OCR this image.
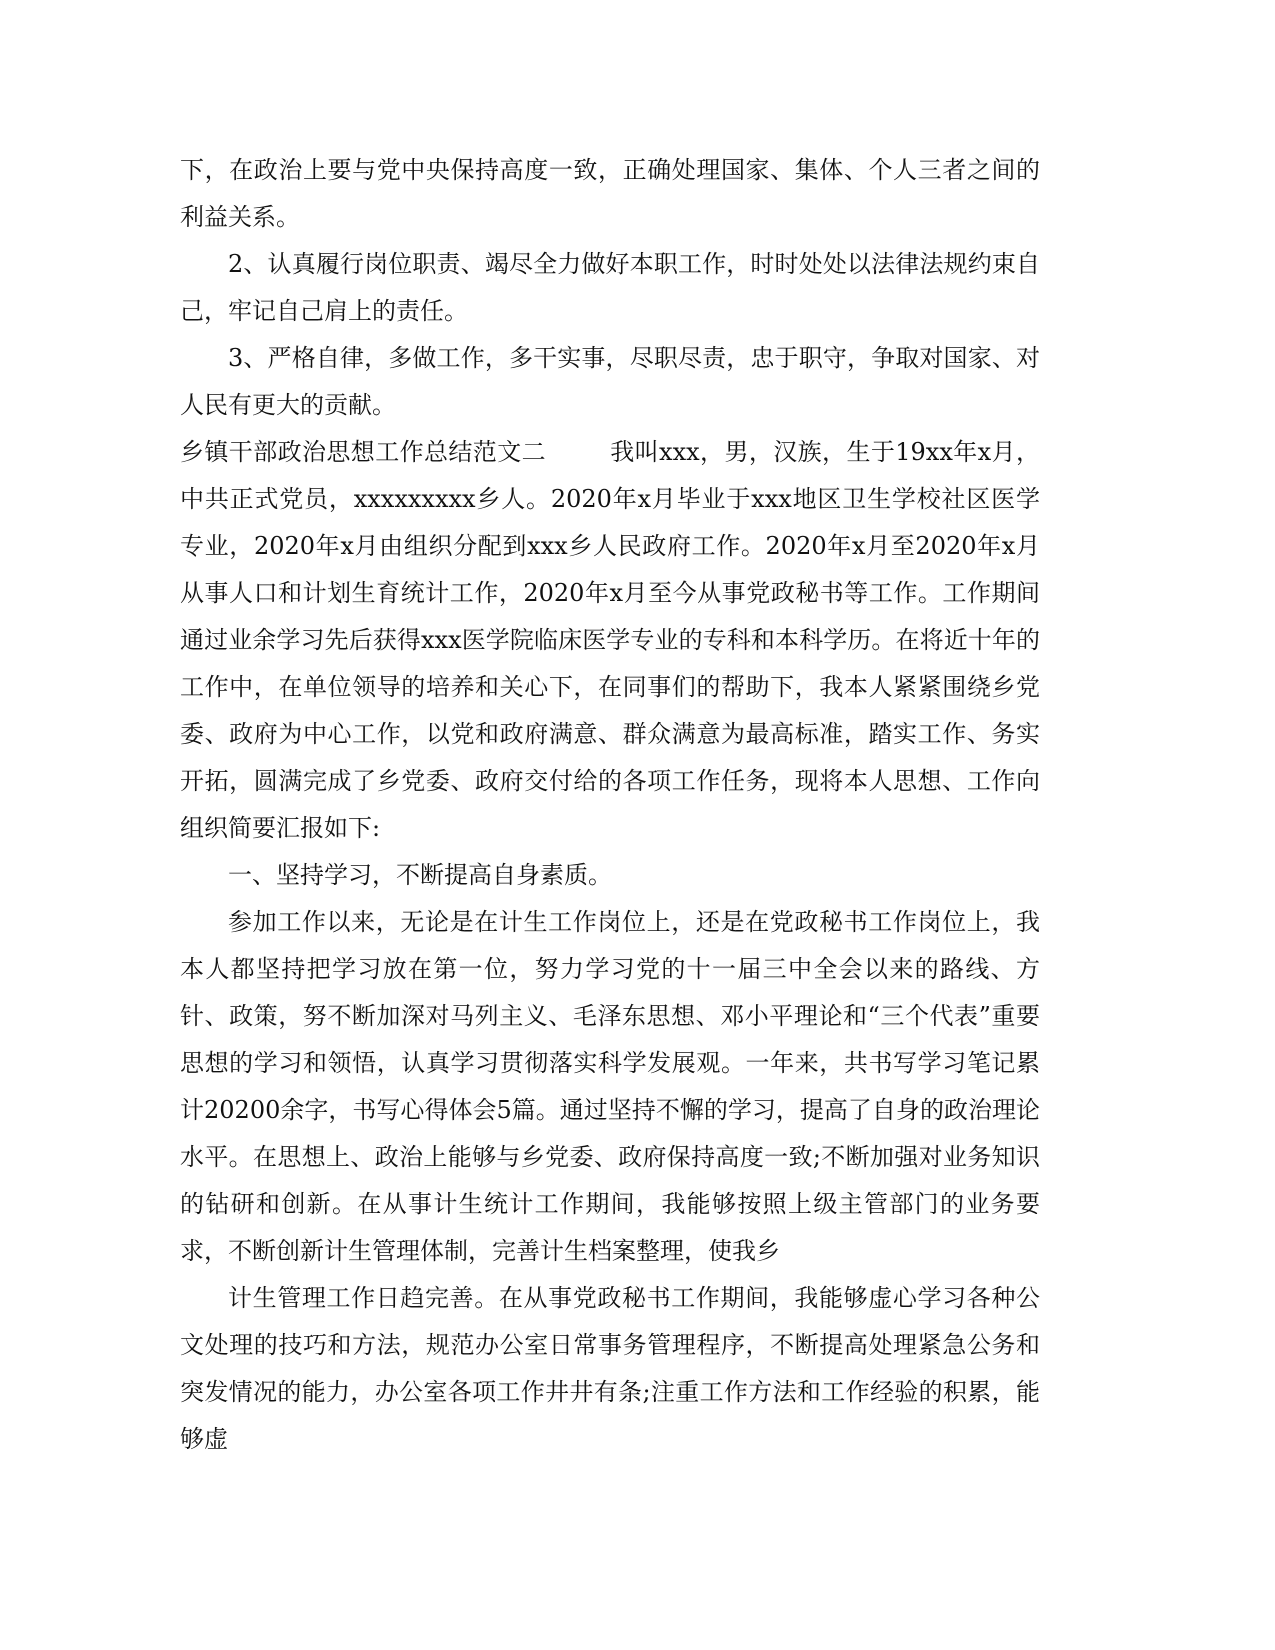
下，在政治上要与党中央保持高度一致，正确处理国家、集体、个人三者之间的利益关系。

2、认真履行岗位职责、竭尽全力做好本职工作，时时处处以法律法规约束自己，牢记自己肩上的责任。

3、严格自律，多做工作，多干实事，尽职尽责，忠于职守，争取对国家、对人民有更大的贡献。

乡镇干部政治思想工作总结范文二        我叫xxx，男，汉族，生于19xx年x月，中共正式党员，xxxxxxxxx乡人。2020年x月毕业于xxx地区卫生学校社区医学专业，2020年x月由组织分配到xxx乡人民政府工作。2020年x月至2020年x月从事人口和计划生育统计工作，2020年x月至今从事党政秘书等工作。工作期间通过业余学习先后获得xxx医学院临床医学专业的专科和本科学历。在将近十年的工作中，在单位领导的培养和关心下，在同事们的帮助下，我本人紧紧围绕乡党委、政府为中心工作，以党和政府满意、群众满意为最高标准，踏实工作、务实开拓，圆满完成了乡党委、政府交付给的各项工作任务，现将本人思想、工作向组织简要汇报如下:

一、坚持学习，不断提高自身素质。

参加工作以来，无论是在计生工作岗位上，还是在党政秘书工作岗位上，我本人都坚持把学习放在第一位，努力学习党的十一届三中全会以来的路线、方针、政策，努不断加深对马列主义、毛泽东思想、邓小平理论和“三个代表”重要思想的学习和领悟，认真学习贯彻落实科学发展观。一年来，共书写学习笔记累计20200余字，书写心得体会5篇。通过坚持不懈的学习，提高了自身的政治理论水平。在思想上、政治上能够与乡党委、政府保持高度一致;不断加强对业务知识的钻研和创新。在从事计生统计工作期间，我能够按照上级主管部门的业务要求，不断创新计生管理体制，完善计生档案整理，使我乡

计生管理工作日趋完善。在从事党政秘书工作期间，我能够虚心学习各种公文处理的技巧和方法，规范办公室日常事务管理程序，不断提高处理紧急公务和突发情况的能力，办公室各项工作井井有条;注重工作方法和工作经验的积累，能够虚
